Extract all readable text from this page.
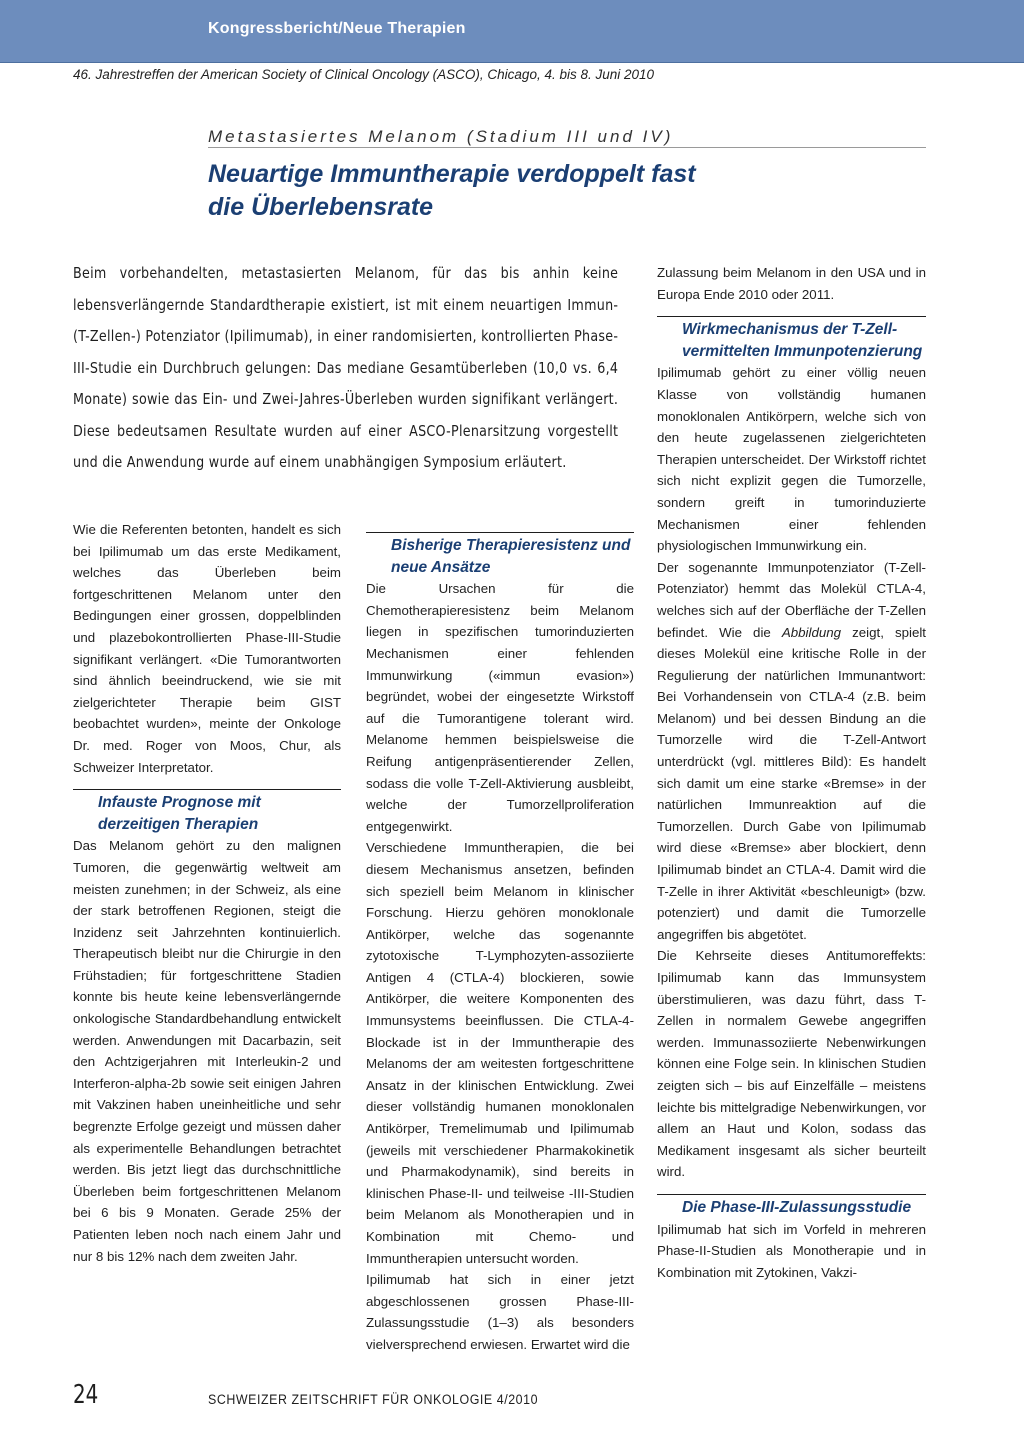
Kongressbericht/Neue Therapien
46. Jahrestreffen der American Society of Clinical Oncology (ASCO), Chicago, 4. bis 8. Juni 2010
Metastasiertes Melanom (Stadium III und IV)
Neuartige Immuntherapie verdoppelt fast
die Überlebensrate
Beim vorbehandelten, metastasierten Melanom, für das bis anhin keine lebensverlängernde Standardtherapie existiert, ist mit einem neuartigen Immun-(T-Zellen-) Potenziator (Ipilimumab), in einer randomisierten, kontrollierten Phase-III-Studie ein Durchbruch gelungen: Das mediane Gesamtüberleben (10,0 vs. 6,4 Monate) sowie das Ein- und Zwei-Jahres-Überleben wurden signifikant verlängert. Diese bedeutsamen Resultate wurden auf einer ASCO-Plenarsitzung vorgestellt und die Anwendung wurde auf einem unabhängigen Symposium erläutert.

Wie die Referenten betonten, handelt es sich bei Ipilimumab um das erste Medikament, welches das Überleben beim fortgeschrittenen Melanom unter den Bedingungen einer grossen, doppelblinden und plazebokontrollierten Phase-III-Studie signifikant verlängert. «Die Tumorantworten sind ähnlich beeindruckend, wie sie mit zielgerichteter Therapie beim GIST beobachtet wurden», meinte der Onkologe Dr. med. Roger von Moos, Chur, als Schweizer Interpretator.

Infauste Prognose mit derzeitigen Therapien

Das Melanom gehört zu den malignen Tumoren, die gegenwärtig weltweit am meisten zunehmen; in der Schweiz, als eine der stark betroffenen Regionen, steigt die Inzidenz seit Jahrzehnten kontinuierlich. Therapeutisch bleibt nur die Chirurgie in den Frühstadien; für fortgeschrittene Stadien konnte bis heute keine lebensverlängernde onkologische Standardbehandlung entwickelt werden. Anwendungen mit Dacarbazin, seit den Achtzigerjahren mit Interleukin-2 und Interferon-alpha-2b sowie seit einigen Jahren mit Vakzinen haben uneinheitliche und sehr begrenzte Erfolge gezeigt und müssen daher als experimentelle Behandlungen betrachtet werden. Bis jetzt liegt das durchschnittliche Überleben beim fortgeschrittenen Melanom bei 6 bis 9 Monaten. Gerade 25% der Patienten leben noch nach einem Jahr und nur 8 bis 12% nach dem zweiten Jahr.

Bisherige Therapieresistenz und neue Ansätze

Die Ursachen für die Chemotherapieresistenz beim Melanom liegen in spezifischen tumorinduzierten Mechanismen einer fehlenden Immunwirkung («immun evasion») begründet, wobei der eingesetzte Wirkstoff auf die Tumorantigene tolerant wird. Melanome hemmen beispielsweise die Reifung antigenpräsentierender Zellen, sodass die volle T-Zell-Aktivierung ausbleibt, welche der Tumorzellproliferation entgegenwirkt.

Verschiedene Immuntherapien, die bei diesem Mechanismus ansetzen, befinden sich speziell beim Melanom in klinischer Forschung. Hierzu gehören monoklonale Antikörper, welche das sogenannte zytotoxische T-Lymphozyten-assoziierte Antigen 4 (CTLA-4) blockieren, sowie Antikörper, die weitere Komponenten des Immunsystems beeinflussen. Die CTLA-4-Blockade ist in der Immuntherapie des Melanoms der am weitesten fortgeschrittene Ansatz in der klinischen Entwicklung. Zwei dieser vollständig humanen monoklonalen Antikörper, Tremelimumab und Ipilimumab (jeweils mit verschiedener Pharmakokinetik und Pharmakodynamik), sind bereits in klinischen Phase-II- und teilweise -III-Studien beim Melanom als Monotherapien und in Kombination mit Chemo- und Immuntherapien untersucht worden.

Ipilimumab hat sich in einer jetzt abgeschlossenen grossen Phase-III-Zulassungsstudie (1–3) als besonders vielversprechend erwiesen. Erwartet wird die

Zulassung beim Melanom in den USA und in Europa Ende 2010 oder 2011.

Wirkmechanismus der T-Zell-vermittelten Immunpotenzierung

Ipilimumab gehört zu einer völlig neuen Klasse von vollständig humanen monoklonalen Antikörpern, welche sich von den heute zugelassenen zielgerichteten Therapien unterscheidet. Der Wirkstoff richtet sich nicht explizit gegen die Tumorzelle, sondern greift in tumorinduzierte Mechanismen einer fehlenden physiologischen Immunwirkung ein.

Der sogenannte Immunpotenziator (T-Zell-Potenziator) hemmt das Molekül CTLA-4, welches sich auf der Oberfläche der T-Zellen befindet. Wie die Abbildung zeigt, spielt dieses Molekül eine kritische Rolle in der Regulierung der natürlichen Immunantwort: Bei Vorhandensein von CTLA-4 (z.B. beim Melanom) und bei dessen Bindung an die Tumorzelle wird die T-Zell-Antwort unterdrückt (vgl. mittleres Bild): Es handelt sich damit um eine starke «Bremse» in der natürlichen Immunreaktion auf die Tumorzellen. Durch Gabe von Ipilimumab wird diese «Bremse» aber blockiert, denn Ipilimumab bindet an CTLA-4. Damit wird die T-Zelle in ihrer Aktivität «beschleunigt» (bzw. potenziert) und damit die Tumorzelle angegriffen bis abgetötet.

Die Kehrseite dieses Antitumoreffekts: Ipilimumab kann das Immunsystem überstimulieren, was dazu führt, dass T-Zellen in normalem Gewebe angegriffen werden. Immunassoziierte Nebenwirkungen können eine Folge sein. In klinischen Studien zeigten sich – bis auf Einzelfälle – meistens leichte bis mittelgradige Nebenwirkungen, vor allem an Haut und Kolon, sodass das Medikament insgesamt als sicher beurteilt wird.

Die Phase-III-Zulassungsstudie

Ipilimumab hat sich im Vorfeld in mehreren Phase-II-Studien als Monotherapie und in Kombination mit Zytokinen, Vakzi-

24	SCHWEIZER ZEITSCHRIFT FÜR ONKOLOGIE 4/2010
